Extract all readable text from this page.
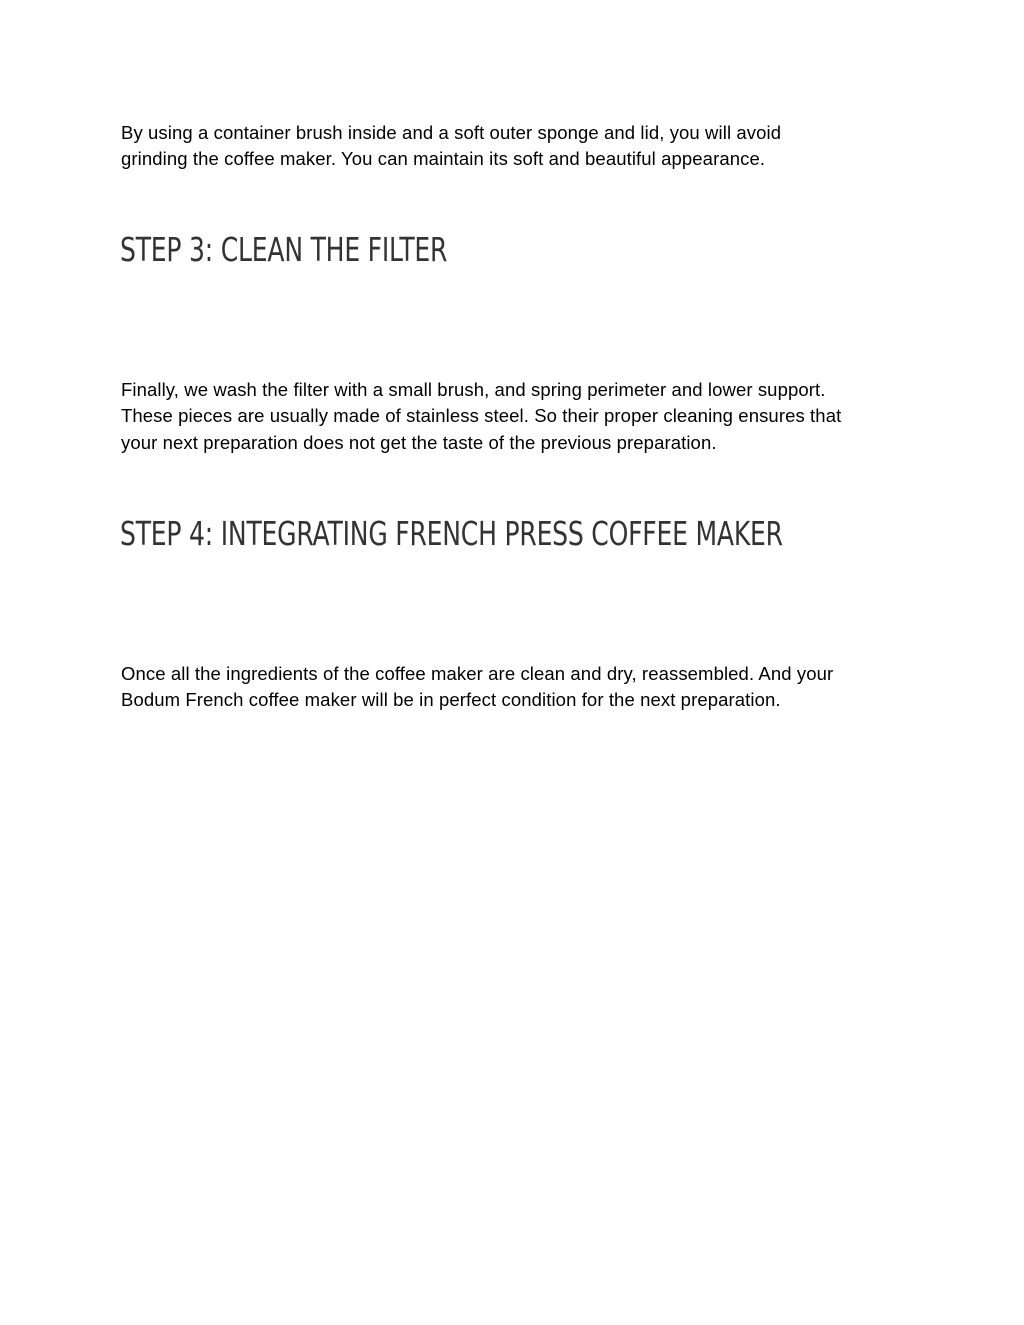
By using a container brush inside and a soft outer sponge and lid, you will avoid
grinding the coffee maker. You can maintain its soft and beautiful appearance.

STEP 3: CLEAN THE FILTER

Finally, we wash the filter with a small brush, and spring perimeter and lower support.
These pieces are usually made of stainless steel. So their proper cleaning ensures that
your next preparation does not get the taste of the previous preparation.

STEP 4: INTEGRATING FRENCH PRESS COFFEE MAKER

Once all the ingredients of the coffee maker are clean and dry, reassembled. And your
Bodum French coffee maker will be in perfect condition for the next preparation.
